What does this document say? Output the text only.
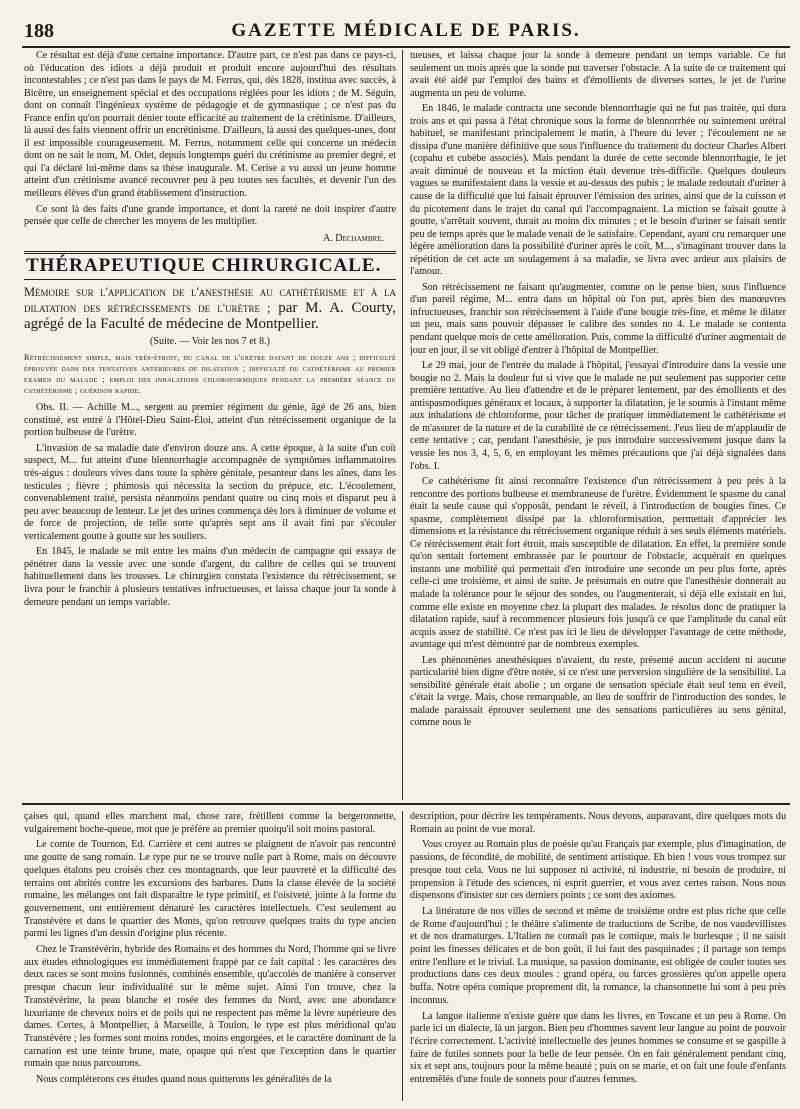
188	GAZETTE MÉDICALE DE PARIS.

Ce résultat est déjà d'une certaine importance. D'autre part, ce n'est pas dans ce pays-ci, où l'éducation des idiots a déjà produit et produit encore aujourd'hui des résultats incontestables ; ce n'est pas dans le pays de M. Ferrus, qui, dès 1828, institua avec succès, à Bicêtre, un enseignement spécial et des occupations réglées pour les idiots ; de M. Séguin, dont on connaît l'ingénieux système de pédagogie et de gymnastique ; ce n'est pas du France enfin qu'on pourrait dénier toute efficacité au traitement de la crétinisme. D'ailleurs, là aussi des faits viennent offrir un encrétinisme. D'ailleurs, là aussi des quelques-unes, dont il est impossible courageusement. M. Ferrus, notamment celle qui concerne un médecin dont on ne sait le nom, M. Odet, depuis longtemps guéri du crétinisme au premier degré, et qui l'a déclaré lui-même dans sa thèse inaugurale. M. Cerise a vu aussi un jeune homme atteint d'un crétinisme avancé recouvrer peu à peu toutes ses facultés, et devenir l'un des meilleurs élèves d'un grand établissement d'instruction.

Ce sont là des faits d'une grande importance, et dont la rareté ne doit inspirer d'autre pensée que celle de chercher les moyens de les multiplier.

A. Dechambre.

THÉRAPEUTIQUE CHIRURGICALE.

Mémoire sur l'application de l'anesthésie au cathétérisme et à la dilatation des rétrécissements de l'urètre ; par M. A. Courty, agrégé de la Faculté de médecine de Montpellier.

(Suite. — Voir les nos 7 et 8.)

Rétrécissement simple, mais très-étroit, du canal de l'urètre datant de douze ans ; difficulté éprouvée dans des tentatives antérieures de dilatation ; difficulté du cathétérisme au premier examen du malade ; emploi des inhalations chloroformiques pendant la première séance du cathétérisme ; guérison rapide.

Obs. II. — Achille M..., sergent au premier régiment du génie, âgé de 26 ans, bien constitué, est entré à l'Hôtel-Dieu Saint-Éloi, atteint d'un rétrécissement organique de la portion bulbeuse de l'urètre.

L'invasion de sa maladie date d'environ douze ans. A cette époque, à la suite d'un coït suspect, M... fut atteint d'une blennorrhagie accompagnée de symptômes inflammatoires très-aigus : douleurs vives dans toute la sphère génitale, pesanteur dans les aînes, dans les testicules ; fièvre ; phimosis qui nécessita la section du prépuce, etc. L'écoulement, convenablement traité, persista néanmoins pendant quatre ou cinq mois et disparut peu à peu avec beaucoup de lenteur. Le jet des urines commença dès lors à diminuer de volume et de force de projection, de telle sorte qu'après sept ans il avait fini par s'écouler verticalement goutte à goutte sur les souliers.

En 1845, le malade se mit entre les mains d'un médecin de campagne qui essaya de pénétrer dans la vessie avec une sonde d'argent, du calibre de celles qui se trouvent habituellement dans les trousses. Le chirurgien constata l'existence du rétrécissement, se livra pour le franchir à plusieurs tentatives infructueuses, et laissa chaque jour la sonde à demeure pendant un temps variable.

tueuses, et laissa chaque jour la sonde à demeure pendant un temps variable. Ce fut seulement un mois après que la sonde put traverser l'obstacle. A la suite de ce traitement qui avait été aidé par l'emploi des bains et d'émollients de diverses sortes, le jet de l'urine augmenta un peu de volume.

En 1846, le malade contracta une seconde blennorrhagie qui ne fut pas traitée, qui dura trois ans et qui passa à l'état chronique sous la forme de blennorrhée ou suintement urétral habituel, se manifestant principalement le matin, à l'heure du lever ; l'écoulement ne se dissipa d'une manière définitive que sous l'influence du traitement du docteur Charles Albert (copahu et cubèbe associés). Mais pendant la durée de cette seconde blennorrhagie, le jet avait diminué de nouveau et la miction était devenue très-difficile. Quelques douleurs vagues se manifestaient dans la vessie et au-dessus des pubis ; le malade redoutait d'uriner à cause de la difficulté que lui faisait éprouver l'émission des urines, ainsi que de la cuisson et du picotement dans le trajet du canal qui l'accompagnaient. La miction se faisait goutte à goutte, s'arrêtait souvent, durait au moins dix minutes ; et le besoin d'uriner se faisait sentir peu de temps après que le malade venait de le satisfaire. Cependant, ayant cru remarquer une légère amélioration dans la possibilité d'uriner après le coït, M..., s'imaginant trouver dans la répétition de cet acte un soulagement à sa maladie, se livra avec ardeur aux plaisirs de l'amour.

Son rétrécissement ne faisant qu'augmenter, comme on le pense bien, sous l'influence d'un pareil régime, M... entra dans un hôpital où l'on put, après bien des manœuvres infructueuses, franchir son rétrécissement à l'aide d'une bougie très-fine, et même le dilater un peu, mais sans pouvoir dépasser le calibre des sondes no 4. Le malade se contenta pendant quelque mois de cette amélioration. Puis, comme la difficulté d'uriner augmentait de jour en jour, il se vit obligé d'entrer à l'hôpital de Montpellier.

Le 29 mai, jour de l'entrée du malade à l'hôpital, j'essayai d'introduire dans la vessie une bougie no 2. Mais la douleur fut si vive que le malade ne put seulement pas supporter cette première tentative. Au lieu d'attendre et de le préparer lentement, par des émollients et des antispasmodiques généraux et locaux, à supporter la dilatation, je le soumis à l'instant même aux inhalations de chloroforme, pour tâcher de pratiquer immédiatement le cathétérisme et de m'assurer de la nature et de la curabilité de ce rétrécissement. J'eus lieu de m'applaudir de cette tentative ; car, pendant l'anesthésie, je pus introduire successivement jusque dans la vessie les nos 3, 4, 5, 6, en employant les mêmes précautions que j'ai déjà signalées dans l'obs. I.

Ce cathétérisme fit ainsi reconnaître l'existence d'un rétrécissement à peu près à la rencontre des portions bulbeuse et membraneuse de l'urètre. Évidemment le spasme du canal était la seule cause qui s'opposât, pendant le réveil, à l'introduction de bougies fines. Ce spasme, complètement dissipé par la chloroformisation, permettait d'apprécier les dimensions et la résistance du rétrécissement organique réduit à ses seuls éléments matériels. Ce rétrécissement était fort étroit, mais susceptible de dilatation. En effet, la première sonde qu'on sentait fortement embrassée par le pourtour de l'obstacle, acquérait en quelques instants une mobilité qui permettait d'en introduire une seconde un peu plus forte, après celle-ci une troisième, et ainsi de suite. Je présumais en outre que l'anesthésie donnerait au malade la tolérance pour le séjour des sondes, ou l'augmenterait, si déjà elle existait en lui, comme elle existe en moyenne chez la plupart des malades. Je résolus donc de pratiquer la dilatation rapide, sauf à recommencer plusieurs fois jusqu'à ce que l'amplitude du canal eût acquis assez de stabilité. Ce n'est pas ici le lieu de développer l'avantage de cette méthode, avantage qui m'est démontré par de nombreux exemples.

Les phénomènes anesthésiques n'avaient, du reste, présenté aucun accident ni aucune particularité bien digne d'être notée, si ce n'est une perversion singulière de la sensibilité. La sensibilité générale était abolie ; un organe de sensation spéciale était seul tenu en éveil, c'était la verge. Mais, chose remarquable, au lieu de souffrir de l'introduction des sondes, le malade paraissait éprouver seulement une des sensations particulières au sens génital, comme nous le

çaises qui, quand elles marchent mal, chose rare, frétillent comme la bergeronnette, vulgairement hoche-queue, mot que je préfère au premier quoiqu'il soit moins pastoral.

Le comte de Tournon, Ed. Carrière et cent autres se plaignent de n'avoir pas rencontré une goutte de sang romain. Le type pur ne se trouve nulle part à Rome, mais on découvre quelques étalons peu croisés chez ces montagnards, que leur pauvreté et la difficulté des terrains ont abrités contre les excursions des barbares. Dans la classe élevée de la société romaine, les mélanges ont fait disparaître le type primitif, et l'oisiveté, jointe à la forme du gouvernement, ont entièrement dénaturé les caractères intellectuels. C'est seulement au Transtévère et dans le quartier des Monts, qu'on retrouve quelques traits du type ancien parmi les lignes d'un dessin d'origine plus récente.

Chez le Transtévérin, hybride des Romains et des hommes du Nord, l'homme qui se livre aux études ethnologiques est immédiatement frappé par ce fait capital : les caractères des deux races se sont moins fusionnés, combinés ensemble, qu'accolés de manière à conserver presque chacun leur individualité sur le même sujet. Ainsi l'on trouve, chez la Transtévérine, la peau blanche et rosée des femmes du Nord, avec une abondance luxuriante de cheveux noirs et de poils qui ne respectent pas même la lèvre supérieure des dames. Certes, à Montpellier, à Marseille, à Toulon, le type est plus méridional qu'au Transtévère ; les formes sont moins rondes, moins engorgées, et le caractère dominant de la carnation est une teinte brune, mate, opaque qui n'est que l'exception dans le quartier romain que nous parcourons.

Nous compléterons ces études quand nous quitterons les généralités de la

description, pour décrire les tempéraments. Nous devons, auparavant, dire quelques mots du Romain au point de vue moral.

Vous croyez au Romain plus de poésie qu'au Français par exemple, plus d'imagination, de passions, de fécondité, de mobilité, de sentiment artistique. Eh bien ! vous vous trompez sur presque tout cela. Vous ne lui supposez ni activité, ni industrie, ni besoin de produire, ni propension à l'étude des sciences, ni esprit guerrier, et vous avez certes raison. Nous nous dispensons d'insister sur ces derniers points ; ce sont des axiomes.

La littérature de nos villes de second et même de troisième ordre est plus riche que celle de Rome d'aujourd'hui ; le théâtre s'alimente de traductions de Scribe, de nos vaudevillistes et de nos dramaturges. L'Italien ne connaît pas le comique, mais le burlesque ; il ne saisit point les finesses délicates et de bon goût, il lui faut des pasquinades ; il partage son temps entre l'enflure et le trivial. La musique, sa passion dominante, est obligée de couler toutes ses productions dans ces deux moules : grand opéra, ou farces grossières qu'on appelle opera buffa. Notre opéra comique proprement dit, la romance, la chansonnette lui sont à peu près inconnus.

La langue italienne n'existe guère que dans les livres, en Toscane et un peu à Rome. On parle ici un dialecte, là un jargon. Bien peu d'hommes savent leur langue au point de pouvoir l'écrire correctement. L'activité intellectuelle des jeunes hommes se consume et se gaspille à faire de futiles sonnets pour la belle de leur pensée. On en fait généralement pendant cinq, six et sept ans, toujours pour la même beauté ; puis on se marie, et on fait une foule d'enfants entremêlés d'une foule de sonnets pour d'autres femmes.
